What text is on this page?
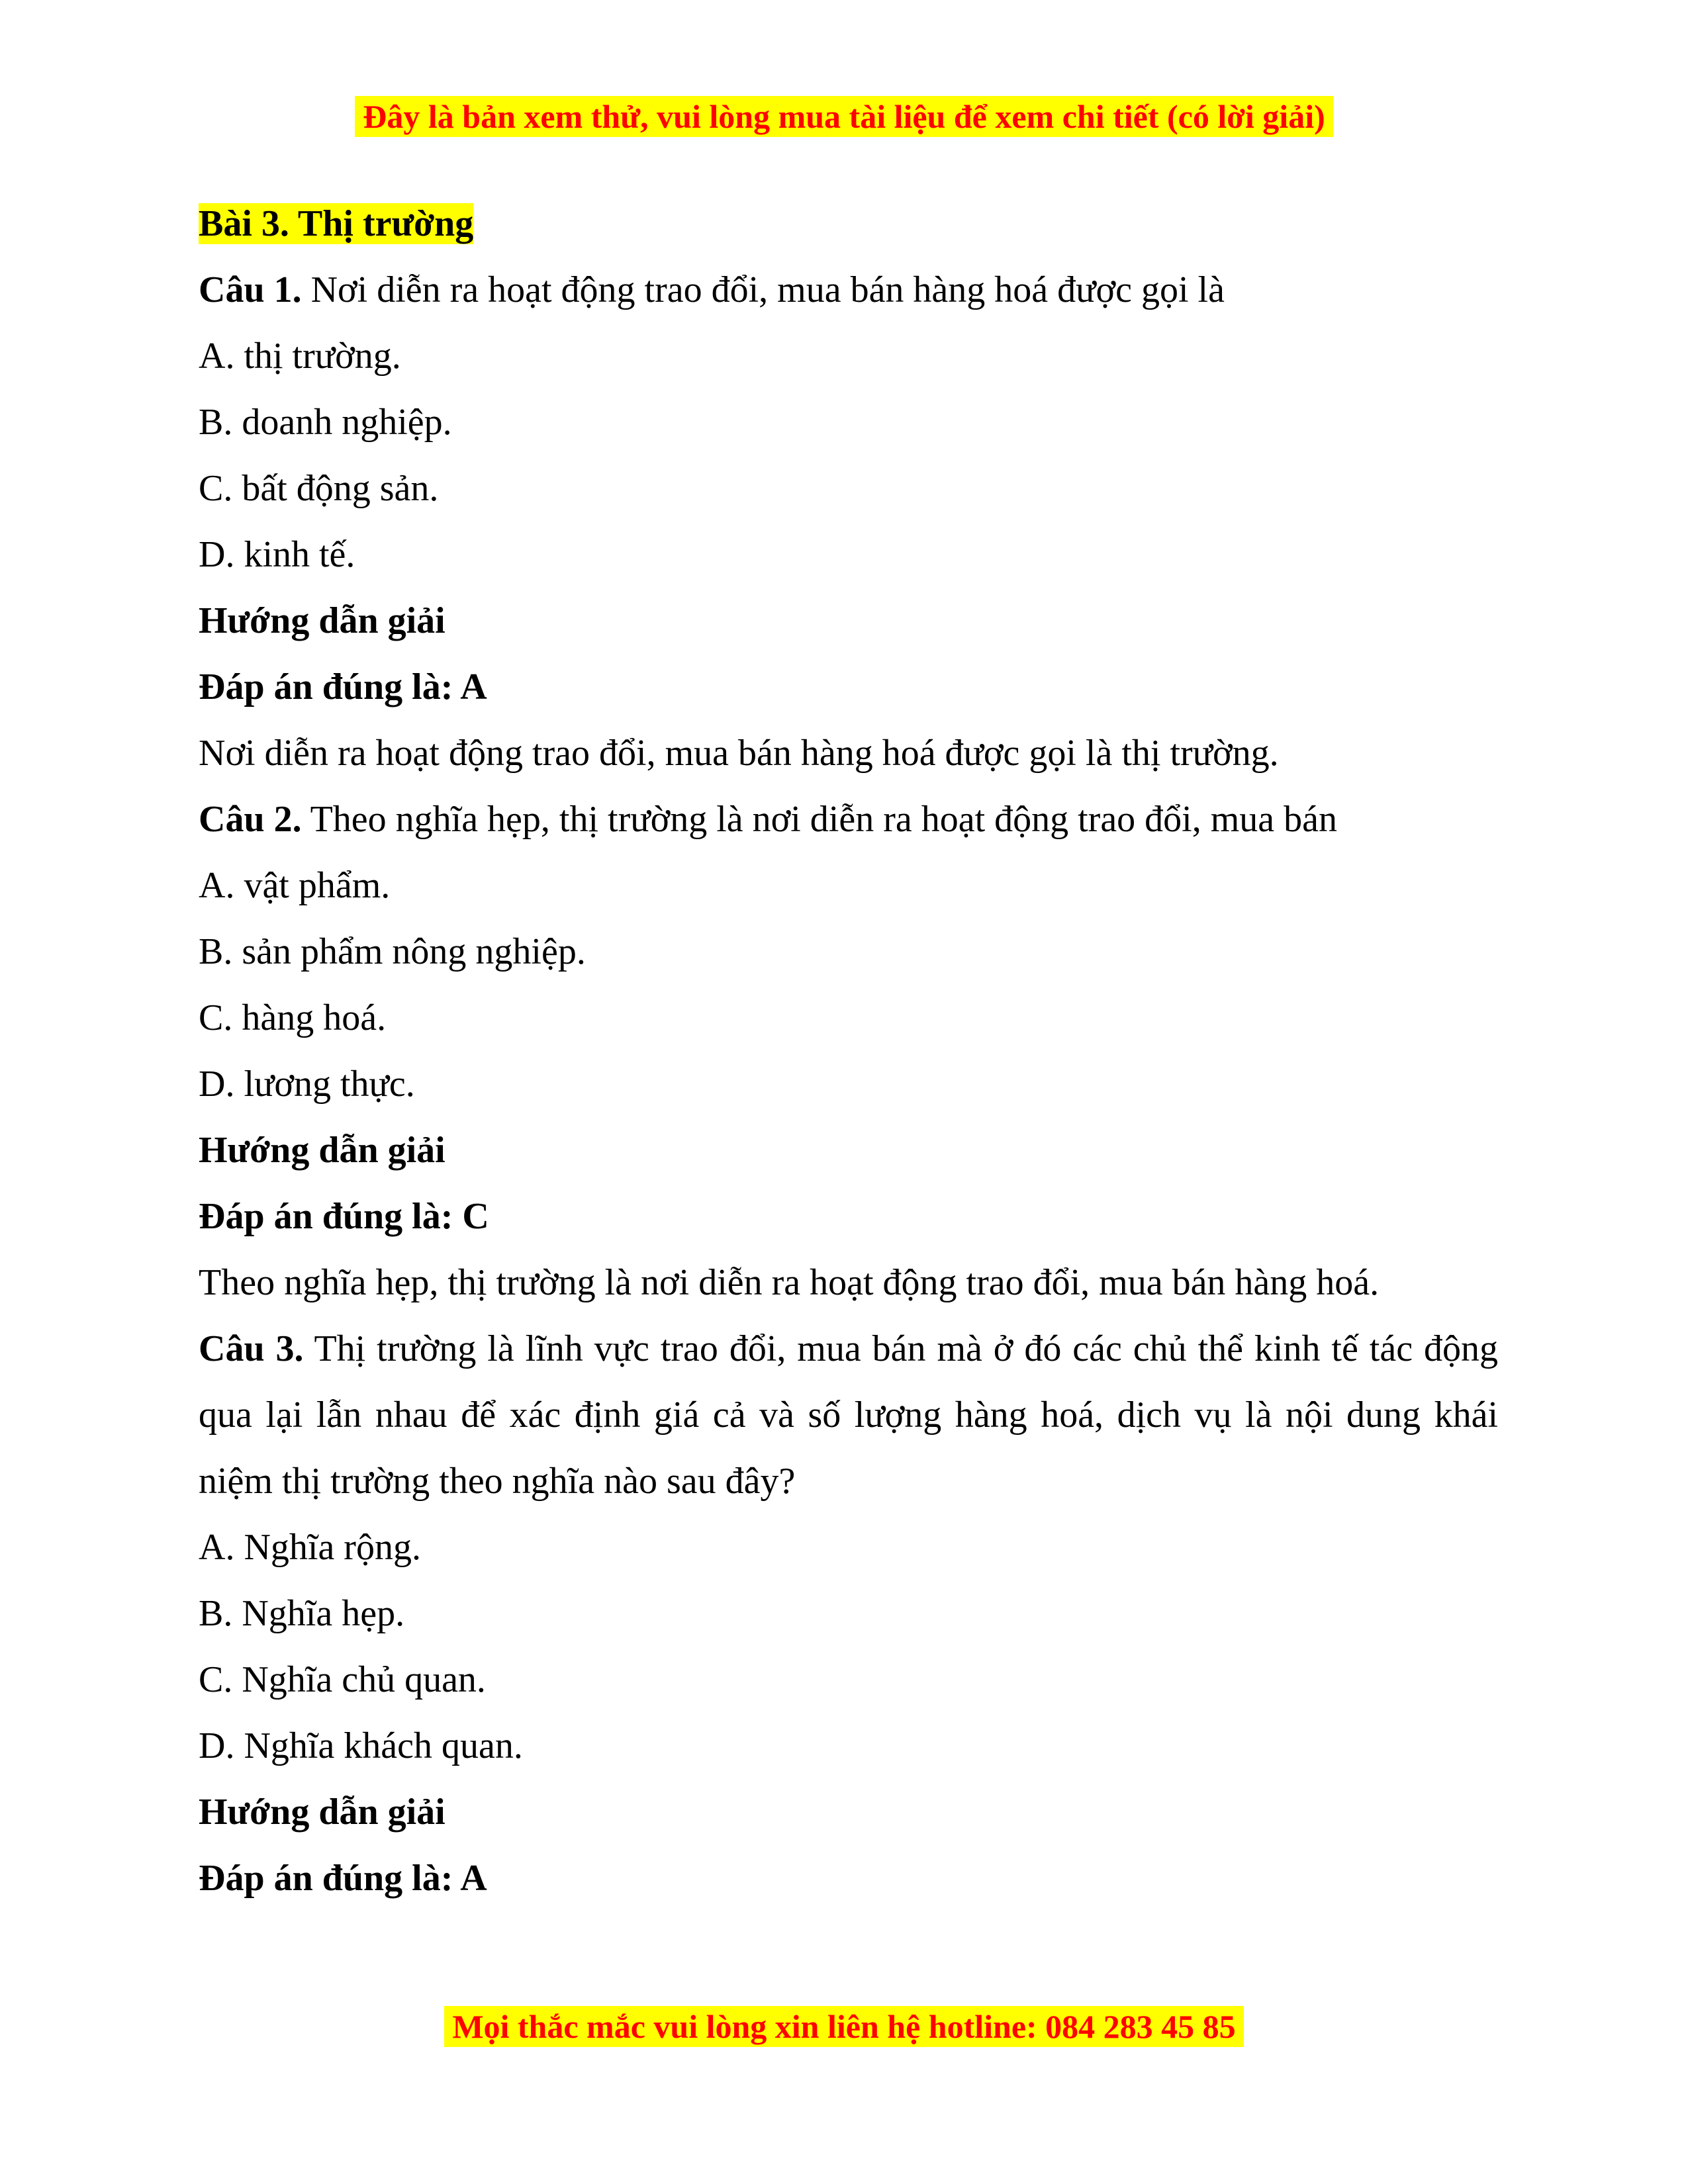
Đây là bản xem thử, vui lòng mua tài liệu để xem chi tiết (có lời giải)

Bài 3. Thị trường

Câu 1. Nơi diễn ra hoạt động trao đổi, mua bán hàng hoá được gọi là

A. thị trường.

B. doanh nghiệp.

C. bất động sản.

D. kinh tế.

Hướng dẫn giải

Đáp án đúng là: A

Nơi diễn ra hoạt động trao đổi, mua bán hàng hoá được gọi là thị trường.

Câu 2. Theo nghĩa hẹp, thị trường là nơi diễn ra hoạt động trao đổi, mua bán

A. vật phẩm.

B. sản phẩm nông nghiệp.

C. hàng hoá.

D. lương thực.

Hướng dẫn giải

Đáp án đúng là: C

Theo nghĩa hẹp, thị trường là nơi diễn ra hoạt động trao đổi, mua bán hàng hoá.

Câu 3. Thị trường là lĩnh vực trao đổi, mua bán mà ở đó các chủ thể kinh tế tác động qua lại lẫn nhau để xác định giá cả và số lượng hàng hoá, dịch vụ là nội dung khái niệm thị trường theo nghĩa nào sau đây?

A. Nghĩa rộng.

B. Nghĩa hẹp.

C. Nghĩa chủ quan.

D. Nghĩa khách quan.

Hướng dẫn giải

Đáp án đúng là: A

Mọi thắc mắc vui lòng xin liên hệ hotline: 084 283 45 85
